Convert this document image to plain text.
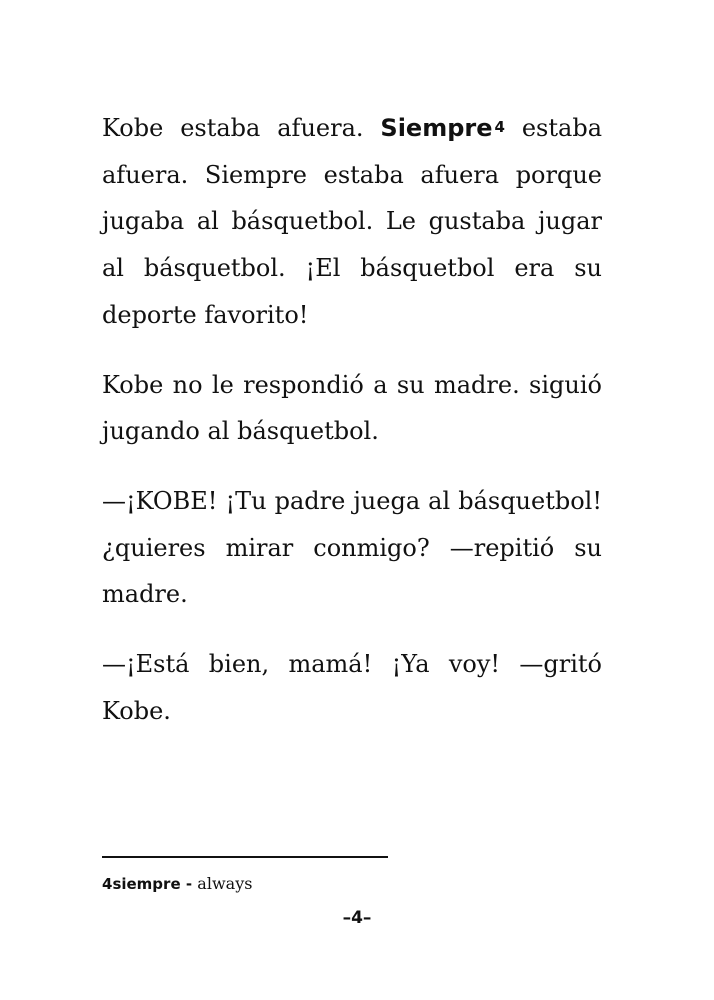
Kobe estaba afuera. Siempre 4 estaba afuera. Siempre estaba afuera porque jugaba al básquetbol. Le gustaba jugar al básquetbol. ¡El básquetbol era su deporte favorito!

Kobe no le respondió a su madre. siguió jugando al básquetbol.

—¡KOBE! ¡Tu padre juega al básquetbol! ¿quieres mirar conmigo? —repitió su madre.

—¡Está bien, mamá! ¡Ya voy! —gritó Kobe.

4siempre - always
–4–
